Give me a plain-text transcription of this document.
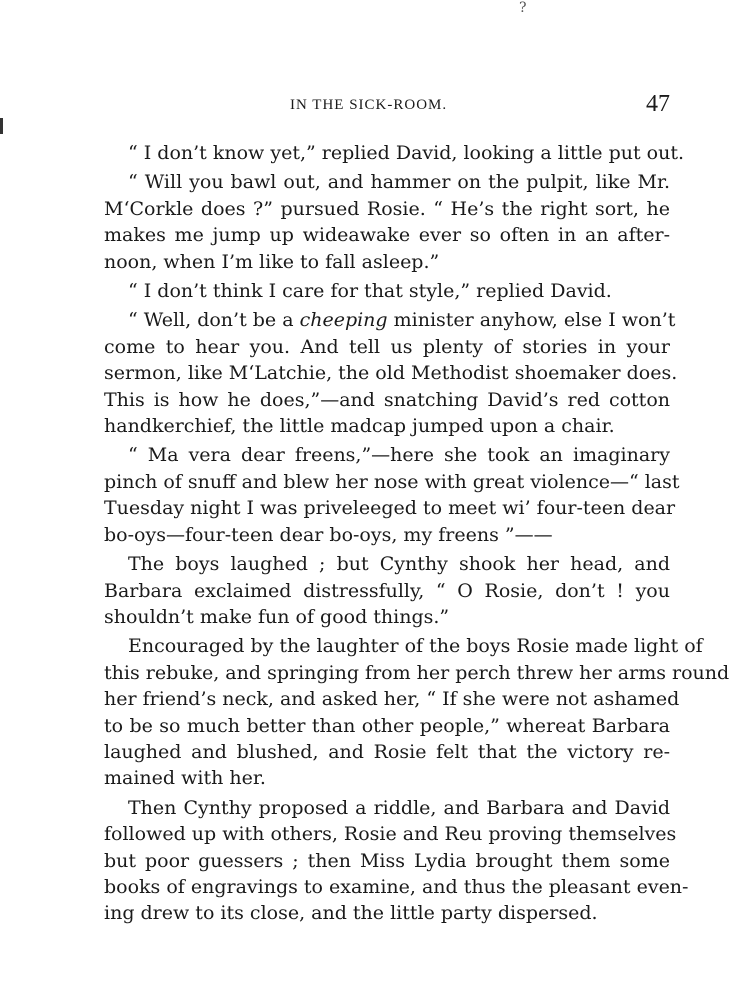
?
IN THE SICK-ROOM.	47
“ I don’t know yet,” replied David, looking a little put out.
“ Will you bawl out, and hammer on the pulpit, like Mr.
M‘Corkle does ?” pursued Rosie. “ He’s the right sort, he
makes me jump up wideawake ever so often in an after-
noon, when I’m like to fall asleep.”
“ I don’t think I care for that style,” replied David.
“ Well, don’t be a cheeping minister anyhow, else I won’t
come to hear you. And tell us plenty of stories in your
sermon, like M‘Latchie, the old Methodist shoemaker does.
This is how he does,”—and snatching David’s red cotton
handkerchief, the little madcap jumped upon a chair.
“ Ma vera dear freens,”—here she took an imaginary
pinch of snuff and blew her nose with great violence—“ last
Tuesday night I was priveleeged to meet wi’ four-teen dear
bo-oys—four-teen dear bo-oys, my freens ”——
The boys laughed ; but Cynthy shook her head, and
Barbara exclaimed distressfully, “ O Rosie, don’t ! you
shouldn’t make fun of good things.”
Encouraged by the laughter of the boys Rosie made light of
this rebuke, and springing from her perch threw her arms round
her friend’s neck, and asked her, “ If she were not ashamed
to be so much better than other people,” whereat Barbara
laughed and blushed, and Rosie felt that the victory re-
mained with her.
Then Cynthy proposed a riddle, and Barbara and David
followed up with others, Rosie and Reu proving themselves
but poor guessers ; then Miss Lydia brought them some
books of engravings to examine, and thus the pleasant even-
ing drew to its close, and the little party dispersed.
